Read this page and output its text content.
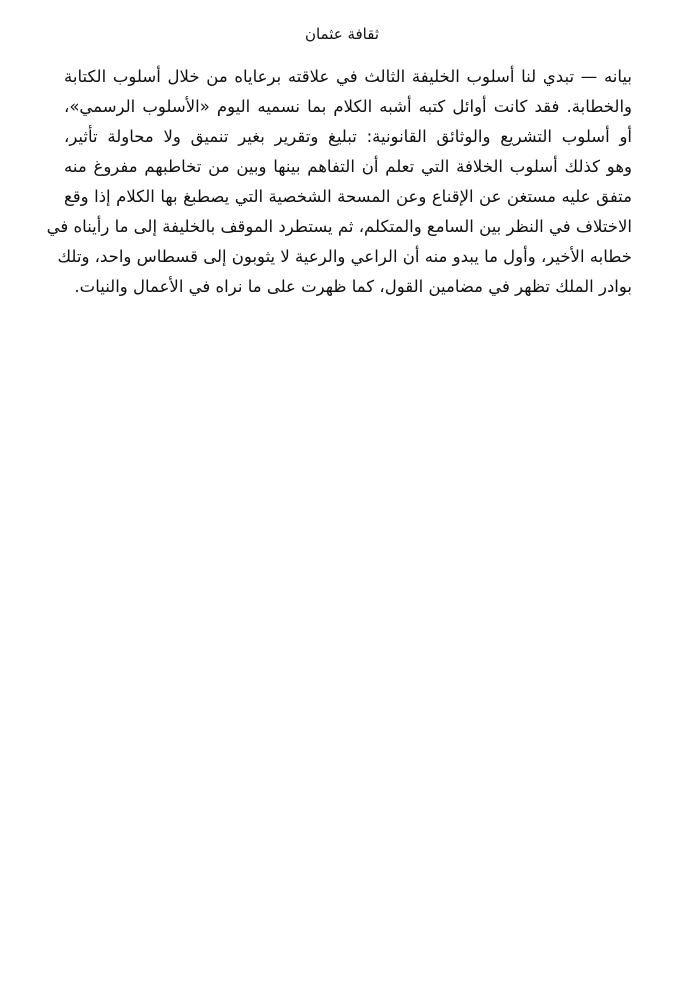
ثقافة عثمان
بيانه — تبدي لنا أسلوب الخليفة الثالث في علاقته برعاياه من خلال أسلوب الكتابة
والخطابة. فقد كانت أوائل كتبه أشبه الكلام بما نسميه اليوم «الأسلوب الرسمي»،
أو أسلوب التشريع والوثائق القانونية: تبليغ وتقرير بغير تنميق ولا محاولة تأثير،
وهو كذلك أسلوب الخلافة التي تعلم أن التفاهم بينها وبين من تخاطبهم مفروغ منه
متفق عليه مستغن عن الإقناع وعن المسحة الشخصية التي يصطبغ بها الكلام إذا وقع
الاختلاف في النظر بين السامع والمتكلم، ثم يستطرد الموقف بالخليفة إلى ما رأيناه في
خطابه الأخير، وأول ما يبدو منه أن الراعي والرعية لا يثوبون إلى قسطاس واحد، وتلك
بوادر الملك تظهر في مضامين القول، كما ظهرت على ما نراه في الأعمال والنيات.
